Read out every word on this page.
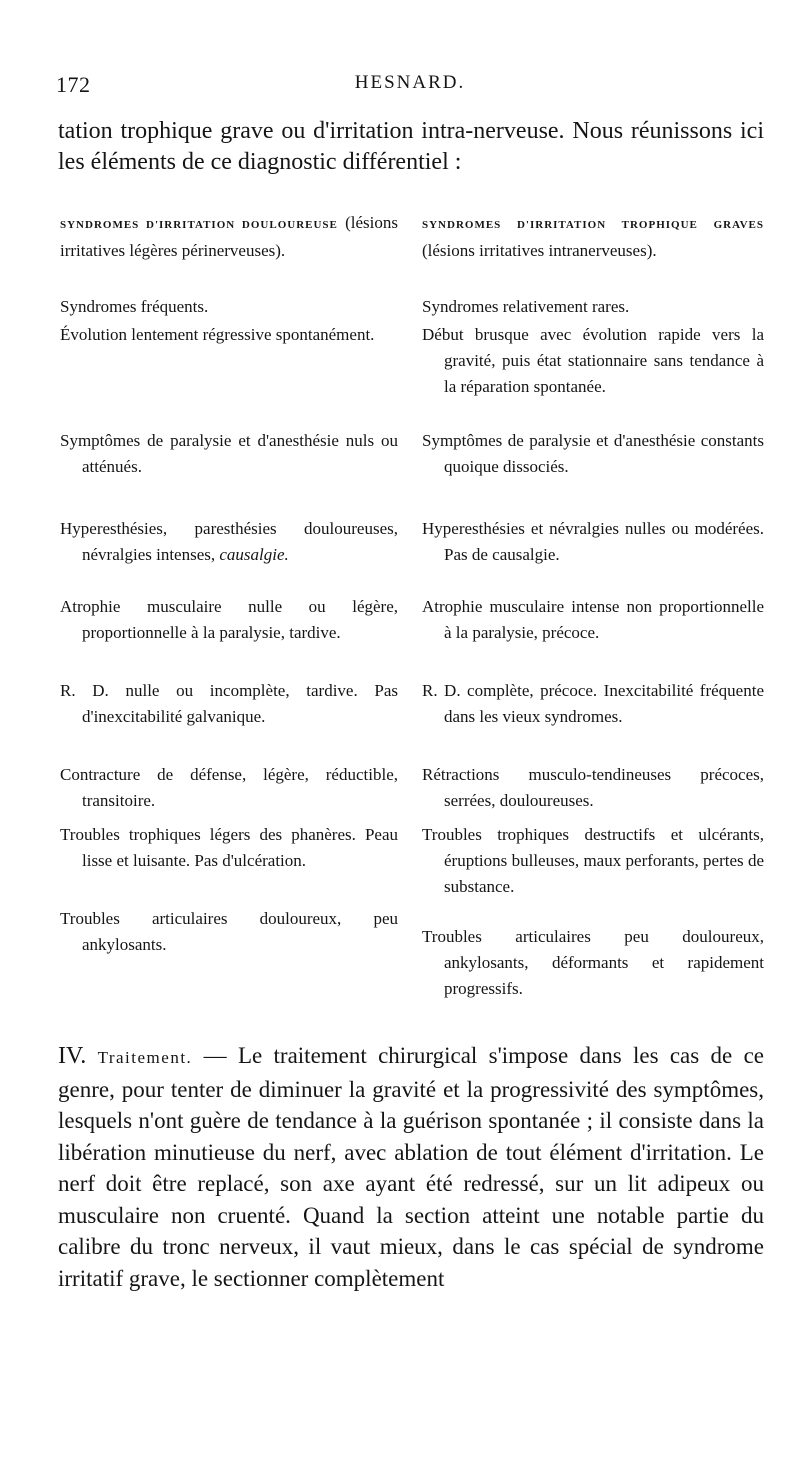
172	HESNARD.

tation trophique grave ou d'irritation intra-nerveuse. Nous réunissons ici les éléments de ce diagnostic différentiel :

SYNDROMES D'IRRITATION DOULOUREUSE (lésions irritatives légères périnerveuses).

Syndromes fréquents.

Évolution lentement régressive spontanément.

Symptômes de paralysie et d'anesthésie nuls ou atténués.

Hyperesthésies, paresthésies douloureuses, névralgies intenses, causalgie.

Atrophie musculaire nulle ou légère, proportionnelle à la paralysie, tardive.

R. D. nulle ou incomplète, tardive. Pas d'inexcitabilité galvanique.

Contracture de défense, légère, réductible, transitoire.

Troubles trophiques légers des phanères. Peau lisse et luisante. Pas d'ulcération.

Troubles articulaires douloureux, peu ankylosants.

SYNDROMES D'IRRITATION TROPHIQUE GRAVES (lésions irritatives intranerveuses).

Syndromes relativement rares.

Début brusque avec évolution rapide vers la gravité, puis état stationnaire sans tendance à la réparation spontanée.

Symptômes de paralysie et d'anesthésie constants quoique dissociés.

Hyperesthésies et névralgies nulles ou modérées. Pas de causalgie.

Atrophie musculaire intense non proportionnelle à la paralysie, précoce.

R. D. complète, précoce. Inexcitabilité fréquente dans les vieux syndromes.

Rétractions musculo-tendineuses précoces, serrées, douloureuses.

Troubles trophiques destructifs et ulcérants, éruptions bulleuses, maux perforants, pertes de substance.

Troubles articulaires peu douloureux, ankylosants, déformants et rapidement progressifs.

IV. Traitement. — Le traitement chirurgical s'impose dans les cas de ce genre, pour tenter de diminuer la gravité et la progressivité des symptômes, lesquels n'ont guère de tendance à la guérison spontanée ; il consiste dans la libération minutieuse du nerf, avec ablation de tout élément d'irritation. Le nerf doit être replacé, son axe ayant été redressé, sur un lit adipeux ou musculaire non cruenté. Quand la section atteint une notable partie du calibre du tronc nerveux, il vaut mieux, dans le cas spécial de syndrome irritatif grave, le sectionner complètement
